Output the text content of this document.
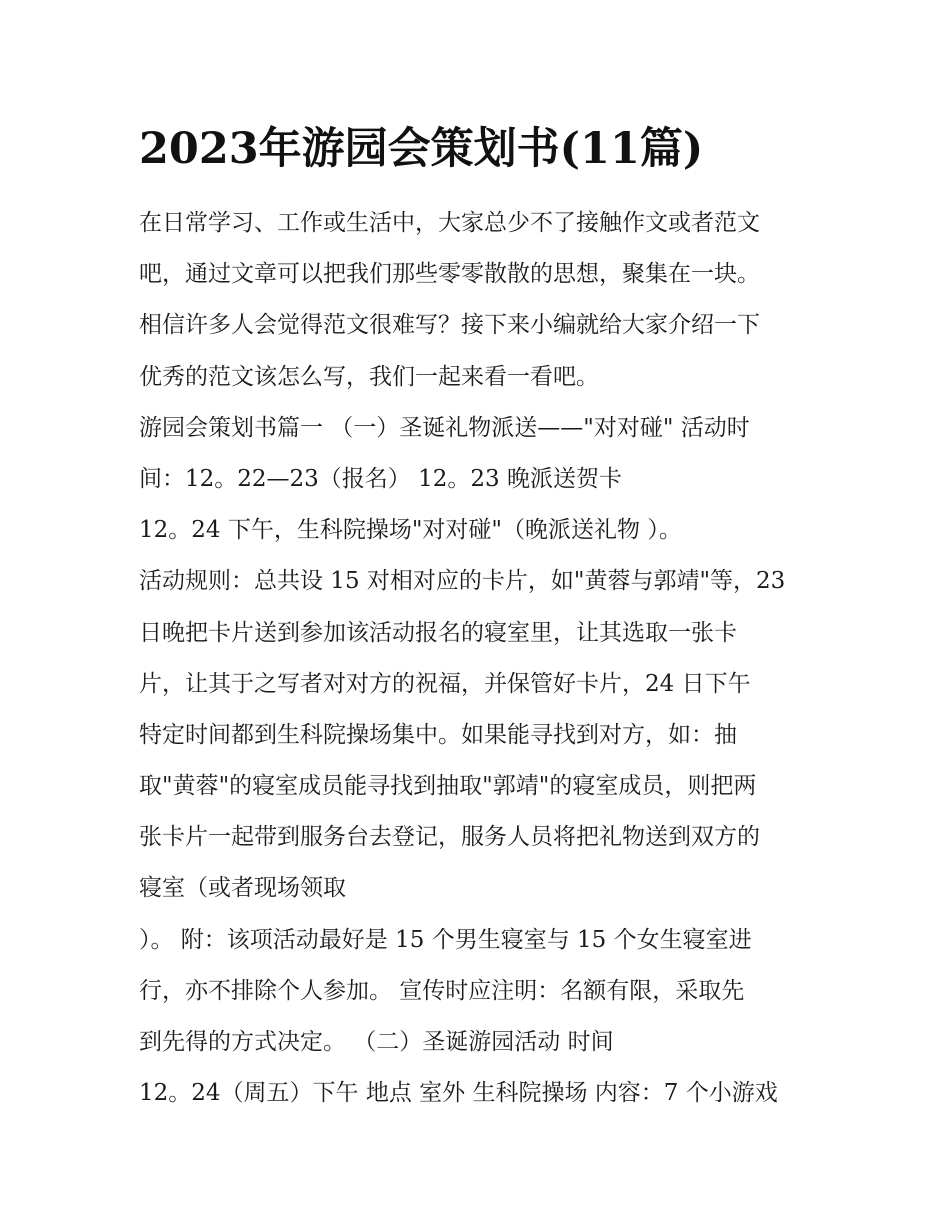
2023年游园会策划书(11篇)
在日常学习、工作或生活中，大家总少不了接触作文或者范文
吧，通过文章可以把我们那些零零散散的思想，聚集在一块。
相信许多人会觉得范文很难写？接下来小编就给大家介绍一下
优秀的范文该怎么写，我们一起来看一看吧。
游园会策划书篇一 （一）圣诞礼物派送——"对对碰" 活动时
间：12。22—23（报名） 12。23 晚派送贺卡
12。24 下午，生科院操场"对对碰"（晚派送礼物 ）。
活动规则：总共设 15 对相对应的卡片，如"黄蓉与郭靖"等，23
日晚把卡片送到参加该活动报名的寝室里，让其选取一张卡
片，让其于之写者对对方的祝福，并保管好卡片，24 日下午
特定时间都到生科院操场集中。如果能寻找到对方，如：抽
取"黄蓉"的寝室成员能寻找到抽取"郭靖"的寝室成员，则把两
张卡片一起带到服务台去登记，服务人员将把礼物送到双方的
寝室（或者现场领取
）。 附：该项活动最好是 15 个男生寝室与 15 个女生寝室进
行，亦不排除个人参加。 宣传时应注明：名额有限，采取先
到先得的方式决定。 （二）圣诞游园活动 时间
12。24（周五）下午 地点 室外 生科院操场 内容：7 个小游戏
